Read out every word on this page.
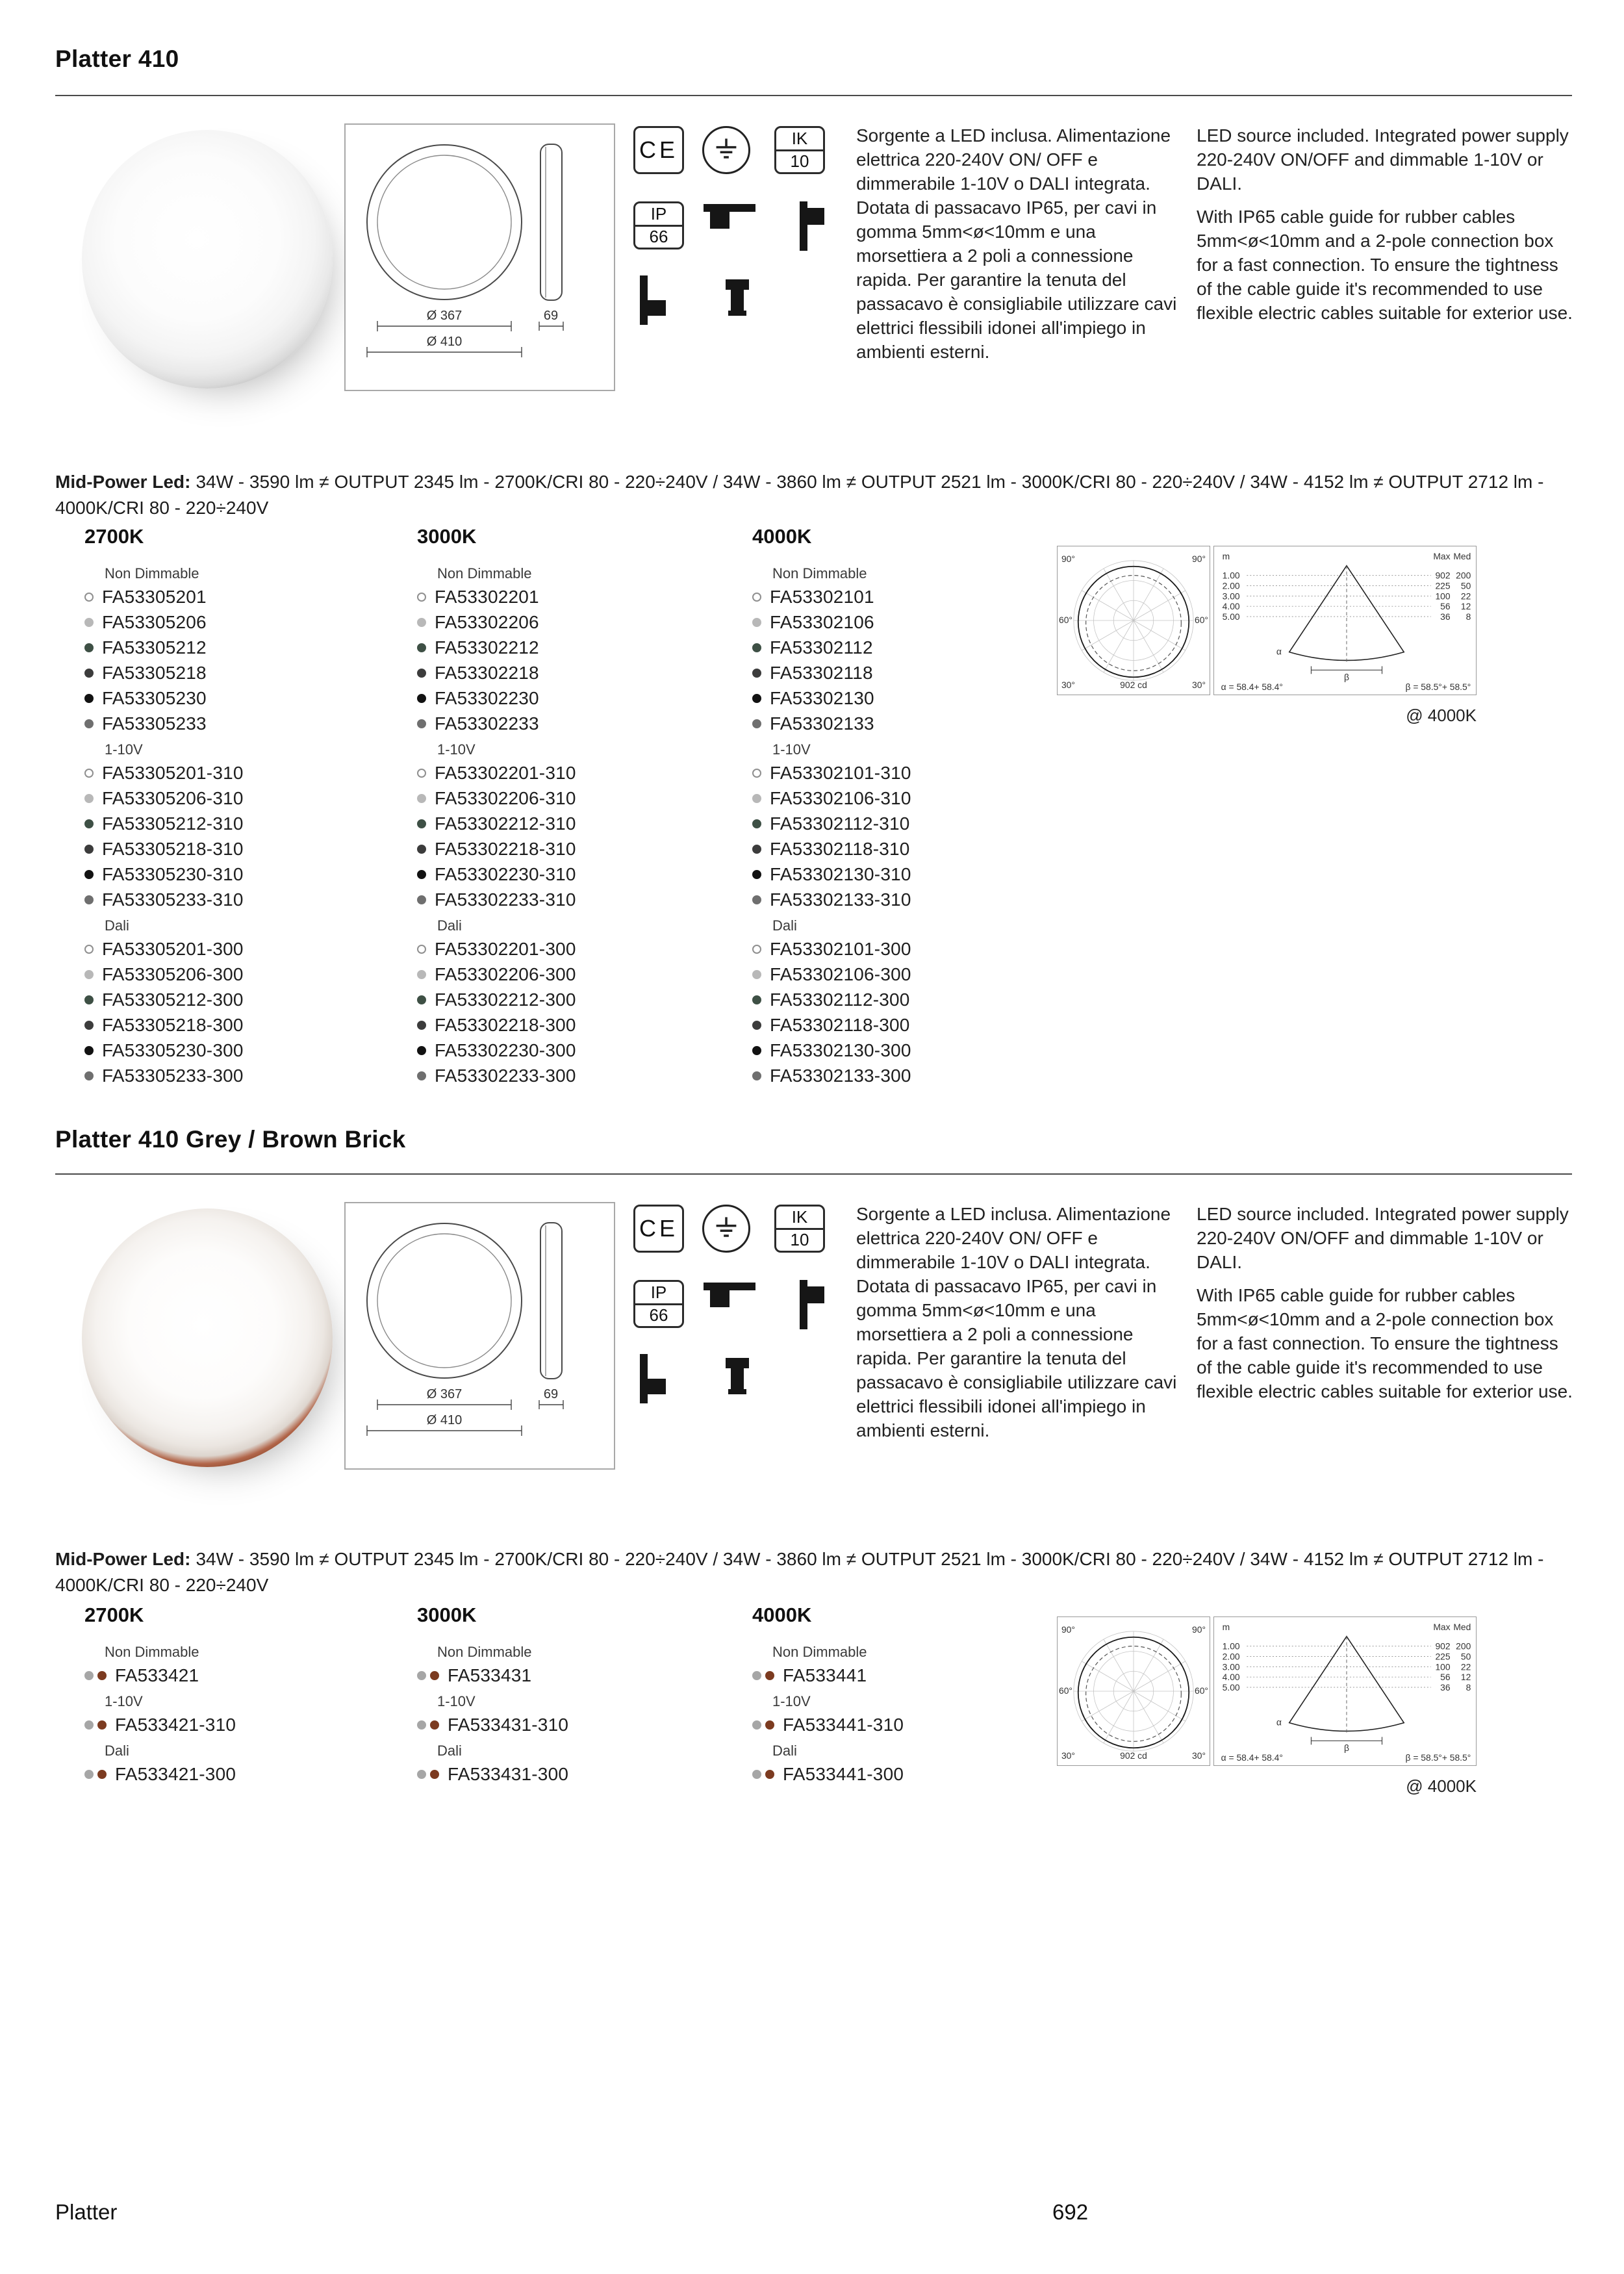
Platter 410
Ø 367
Ø 410
69
CE	IK
10
IP
66
Sorgente a LED inclusa. Alimentazione elettrica 220-240V ON/ OFF e dimmerabile 1-10V o DALI integrata. Dotata di passacavo IP65, per cavi in gomma 5mm<ø<10mm e una morsettiera a 2 poli a connessione rapida. Per garantire la tenuta del passacavo è consigliabile utilizzare cavi elettrici flessibili idonei all'impiego in ambienti esterni.

LED source included. Integrated power supply 220-240V ON/OFF and dimmable 1-10V or DALI.

With IP65 cable guide for rubber cables 5mm<ø<10mm and a 2-pole connection box for a fast connection. To ensure the tightness of the cable guide it's recommended to use flexible electric cables suitable for exterior use.

Mid-Power Led: 34W - 3590 lm ≠ OUTPUT 2345 lm - 2700K/CRI 80 - 220÷240V / 34W - 3860 lm ≠ OUTPUT 2521 lm - 3000K/CRI 80 - 220÷240V / 34W - 4152 lm ≠ OUTPUT 2712 lm - 4000K/CRI 80 - 220÷240V
2700K
Non Dimmable
FA53305201
FA53305206
FA53305212
FA53305218
FA53305230
FA53305233
1-10V
FA53305201-310
FA53305206-310
FA53305212-310
FA53305218-310
FA53305230-310
FA53305233-310
Dali
FA53305201-300
FA53305206-300
FA53305212-300
FA53305218-300
FA53305230-300
FA53305233-300
3000K
Non Dimmable
FA53302201
FA53302206
FA53302212
FA53302218
FA53302230
FA53302233
1-10V
FA53302201-310
FA53302206-310
FA53302212-310
FA53302218-310
FA53302230-310
FA53302233-310
Dali
FA53302201-300
FA53302206-300
FA53302212-300
FA53302218-300
FA53302230-300
FA53302233-300
4000K
Non Dimmable
FA53302101
FA53302106
FA53302112
FA53302118
FA53302130
FA53302133
1-10V
FA53302101-310
FA53302106-310
FA53302112-310
FA53302118-310
FA53302130-310
FA53302133-310
Dali
FA53302101-300
FA53302106-300
FA53302112-300
FA53302118-300
FA53302130-300
FA53302133-300
90°	90°
60°	60°
30°	30°
902 cd
m	Max Med
1.00	902 200
2.00	225 50
3.00	100 22
4.00	56 12
5.00	36 8
α
β
α = 58.4+ 58.4°	β = 58.5°+ 58.5°
@ 4000K
Platter 410 Grey / Brown Brick
Ø 367
Ø 410
69
CE	IK
10
IP
66
Sorgente a LED inclusa. Alimentazione elettrica 220-240V ON/ OFF e dimmerabile 1-10V o DALI integrata. Dotata di passacavo IP65, per cavi in gomma 5mm<ø<10mm e una morsettiera a 2 poli a connessione rapida. Per garantire la tenuta del passacavo è consigliabile utilizzare cavi elettrici flessibili idonei all'impiego in ambienti esterni.

LED source included. Integrated power supply 220-240V ON/OFF and dimmable 1-10V or DALI.

With IP65 cable guide for rubber cables 5mm<ø<10mm and a 2-pole connection box for a fast connection. To ensure the tightness of the cable guide it's recommended to use flexible electric cables suitable for exterior use.

Mid-Power Led: 34W - 3590 lm ≠ OUTPUT 2345 lm - 2700K/CRI 80 - 220÷240V / 34W - 3860 lm ≠ OUTPUT 2521 lm - 3000K/CRI 80 - 220÷240V / 34W - 4152 lm ≠ OUTPUT 2712 lm - 4000K/CRI 80 - 220÷240V
2700K
Non Dimmable
FA533421
1-10V
FA533421-310
Dali
FA533421-300
3000K
Non Dimmable
FA533431
1-10V
FA533431-310
Dali
FA533431-300
4000K
Non Dimmable
FA533441
1-10V
FA533441-310
Dali
FA533441-300
90°	90°
60°	60°
30°	30°
902 cd
m	Max Med
1.00	902 200
2.00	225 50
3.00	100 22
4.00	56 12
5.00	36 8
α
β
α = 58.4+ 58.4°	β = 58.5°+ 58.5°
@ 4000K
Platter	692
